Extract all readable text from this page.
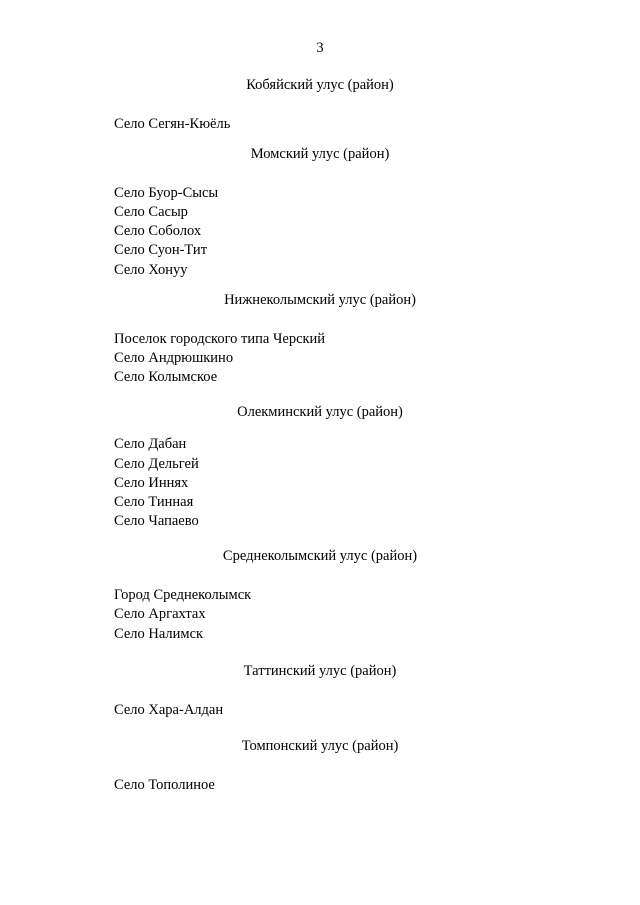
3
Кобяйский улус (район)
Село Сегян-Кюёль
Момский улус (район)
Село Буор-Сысы
Село Сасыр
Село Соболох
Село Суон-Тит
Село Хонуу
Нижнеколымский улус (район)
Поселок городского типа Черский
Село Андрюшкино
Село Колымское
Олекминский улус (район)
Село Дабан
Село Дельгей
Село Иннях
Село Тинная
Село Чапаево
Среднеколымский улус (район)
Город Среднеколымск
Село Аргахтах
Село Налимск
Таттинский улус (район)
Село Хара-Алдан
Томпонский улус (район)
Село Тополиное
